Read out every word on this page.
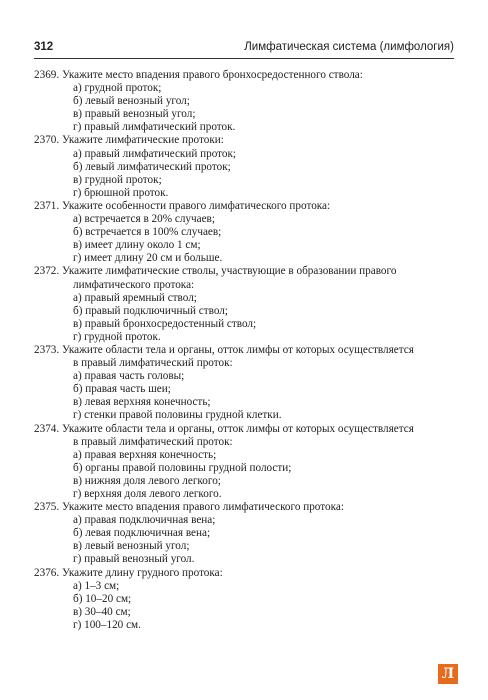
312	Лимфатическая система (лимфология)
2369. Укажите место впадения правого бронхосредостенного ствола:
а) грудной проток;
б) левый венозный угол;
в) правый венозный угол;
г) правый лимфатический проток.
2370. Укажите лимфатические протоки:
а) правый лимфатический проток;
б) левый лимфатический проток;
в) грудной проток;
г) брюшной проток.
2371. Укажите особенности правого лимфатического протока:
а) встречается в 20% случаев;
б) встречается в 100% случаев;
в) имеет длину около 1 см;
г) имеет длину 20 см и больше.
2372. Укажите лимфатические стволы, участвующие в образовании правого
лимфатического протока:
а) правый яремный ствол;
б) правый подключичный ствол;
в) правый бронхосредостенный ствол;
г) грудной проток.
2373. Укажите области тела и органы, отток лимфы от которых осуществляется
в правый лимфатический проток:
а) правая часть головы;
б) правая часть шеи;
в) левая верхняя конечность;
г) стенки правой половины грудной клетки.
2374. Укажите области тела и органы, отток лимфы от которых осуществляется
в правый лимфатический проток:
а) правая верхняя конечность;
б) органы правой половины грудной полости;
в) нижняя доля левого легкого;
г) верхняя доля левого легкого.
2375. Укажите место впадения правого лимфатического протока:
а) правая подключичная вена;
б) левая подключичная вена;
в) левый венозный угол;
г) правый венозный угол.
2376. Укажите длину грудного протока:
а) 1–3 см;
б) 10–20 см;
в) 30–40 см;
г) 100–120 см.
Л
